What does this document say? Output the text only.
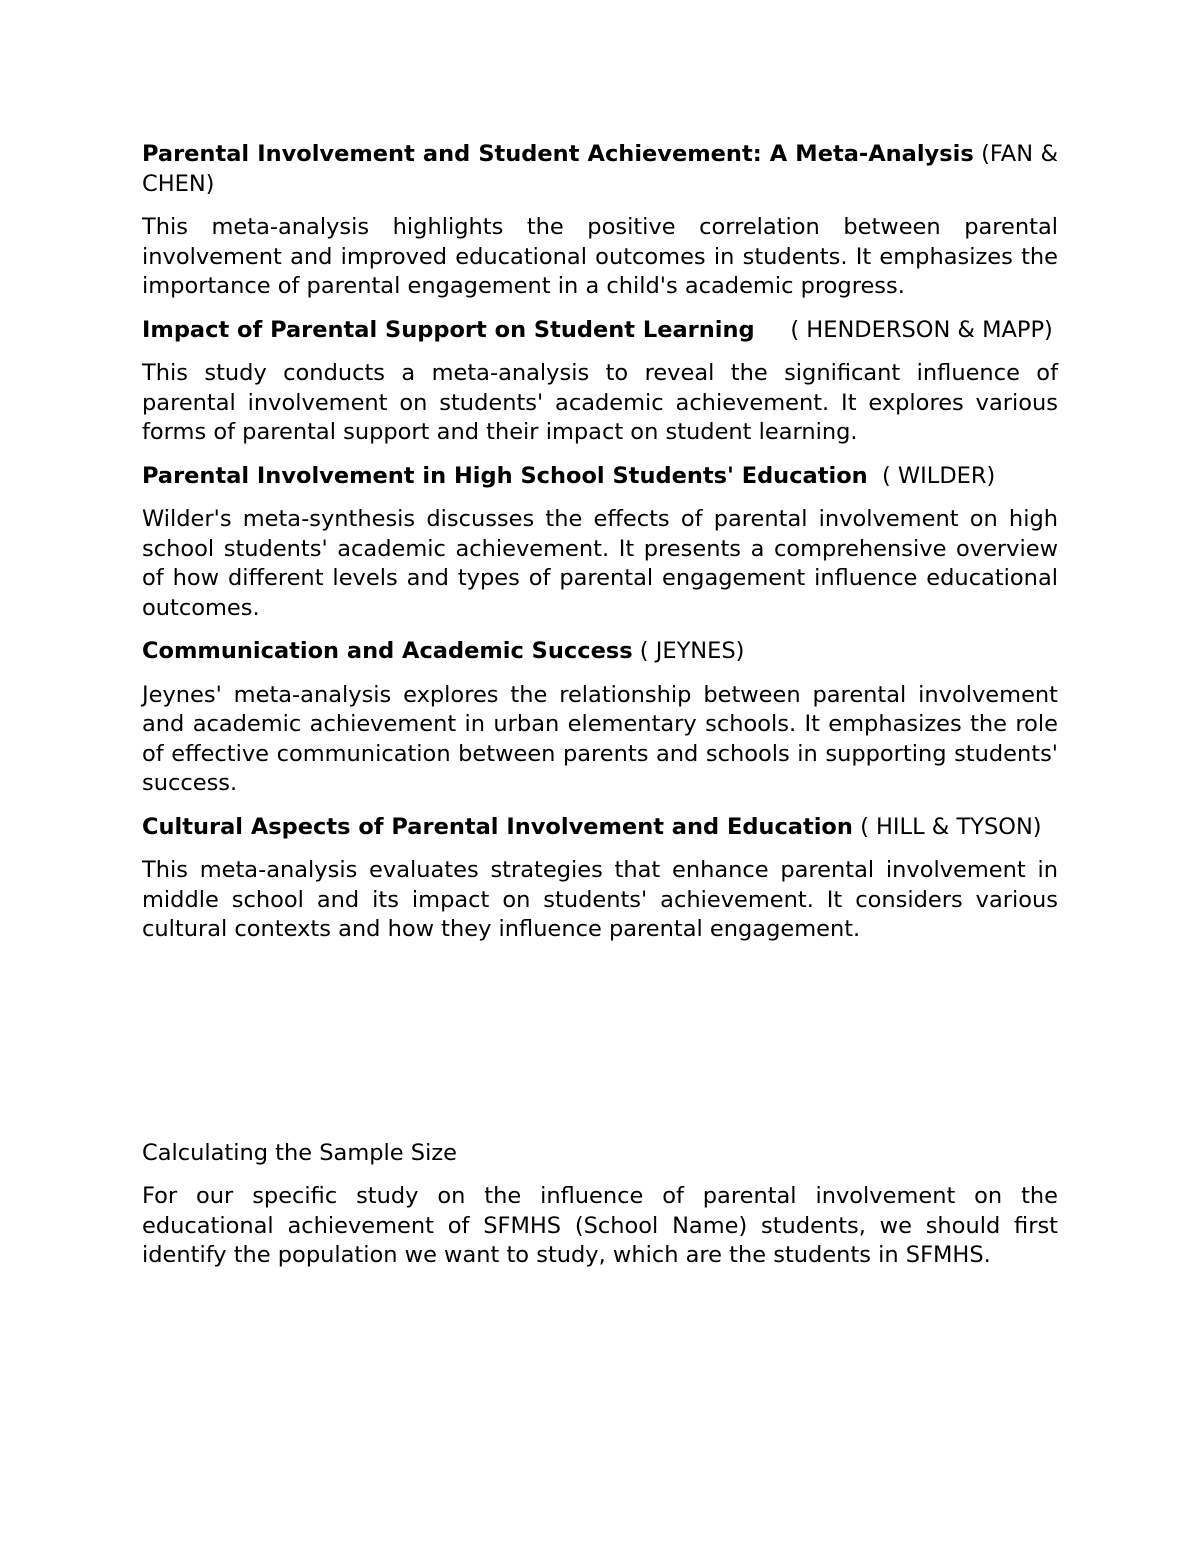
Parental Involvement and Student Achievement: A Meta-Analysis (FAN & CHEN)

This meta-analysis highlights the positive correlation between parental involvement and improved educational outcomes in students. It emphasizes the importance of parental engagement in a child's academic progress.

Impact of Parental Support on Student Learning ( HENDERSON & MAPP)

This study conducts a meta-analysis to reveal the significant influence of parental involvement on students' academic achievement. It explores various forms of parental support and their impact on student learning.

Parental Involvement in High School Students' Education ( WILDER)

Wilder's meta-synthesis discusses the effects of parental involvement on high school students' academic achievement. It presents a comprehensive overview of how different levels and types of parental engagement influence educational outcomes.

Communication and Academic Success ( JEYNES)

Jeynes' meta-analysis explores the relationship between parental involvement and academic achievement in urban elementary schools. It emphasizes the role of effective communication between parents and schools in supporting students' success.

Cultural Aspects of Parental Involvement and Education ( HILL & TYSON)

This meta-analysis evaluates strategies that enhance parental involvement in middle school and its impact on students' achievement. It considers various cultural contexts and how they influence parental engagement.

Calculating the Sample Size

For our specific study on the influence of parental involvement on the educational achievement of SFMHS (School Name) students, we should first identify the population we want to study, which are the students in SFMHS.
